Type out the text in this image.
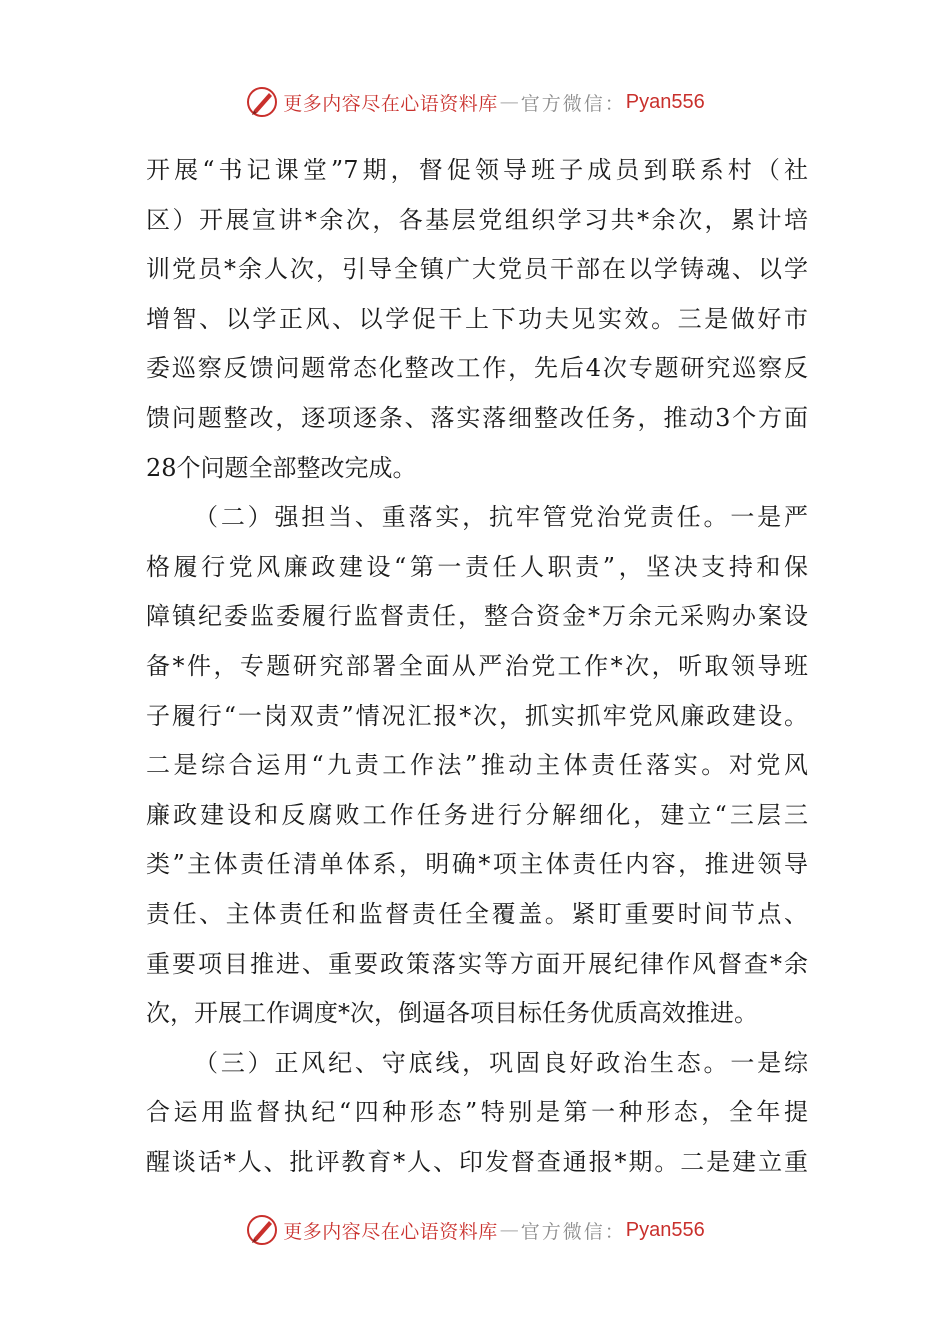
更多内容尽在心语资料库 — 官方微信： Pyan556
开展“书记课堂”7期，督促领导班子成员到联系村（社
区）开展宣讲*余次，各基层党组织学习共*余次，累计培
训党员*余人次，引导全镇广大党员干部在以学铸魂、以学
增智、以学正风、以学促干上下功夫见实效。三是做好市
委巡察反馈问题常态化整改工作，先后4次专题研究巡察反
馈问题整改，逐项逐条、落实落细整改任务，推动3个方面
28个问题全部整改完成。
（二）强担当、重落实，抗牢管党治党责任。一是严
格履行党风廉政建设“第一责任人职责”，坚决支持和保
障镇纪委监委履行监督责任，整合资金*万余元采购办案设
备*件，专题研究部署全面从严治党工作*次，听取领导班
子履行“一岗双责”情况汇报*次，抓实抓牢党风廉政建设。
二是综合运用“九责工作法”推动主体责任落实。对党风
廉政建设和反腐败工作任务进行分解细化，建立“三层三
类”主体责任清单体系，明确*项主体责任内容，推进领导
责任、主体责任和监督责任全覆盖。紧盯重要时间节点、
重要项目推进、重要政策落实等方面开展纪律作风督查*余
次，开展工作调度*次，倒逼各项目标任务优质高效推进。
（三）正风纪、守底线，巩固良好政治生态。一是综
合运用监督执纪“四种形态”特别是第一种形态，全年提
醒谈话*人、批评教育*人、印发督查通报*期。二是建立重
更多内容尽在心语资料库 — 官方微信： Pyan556
